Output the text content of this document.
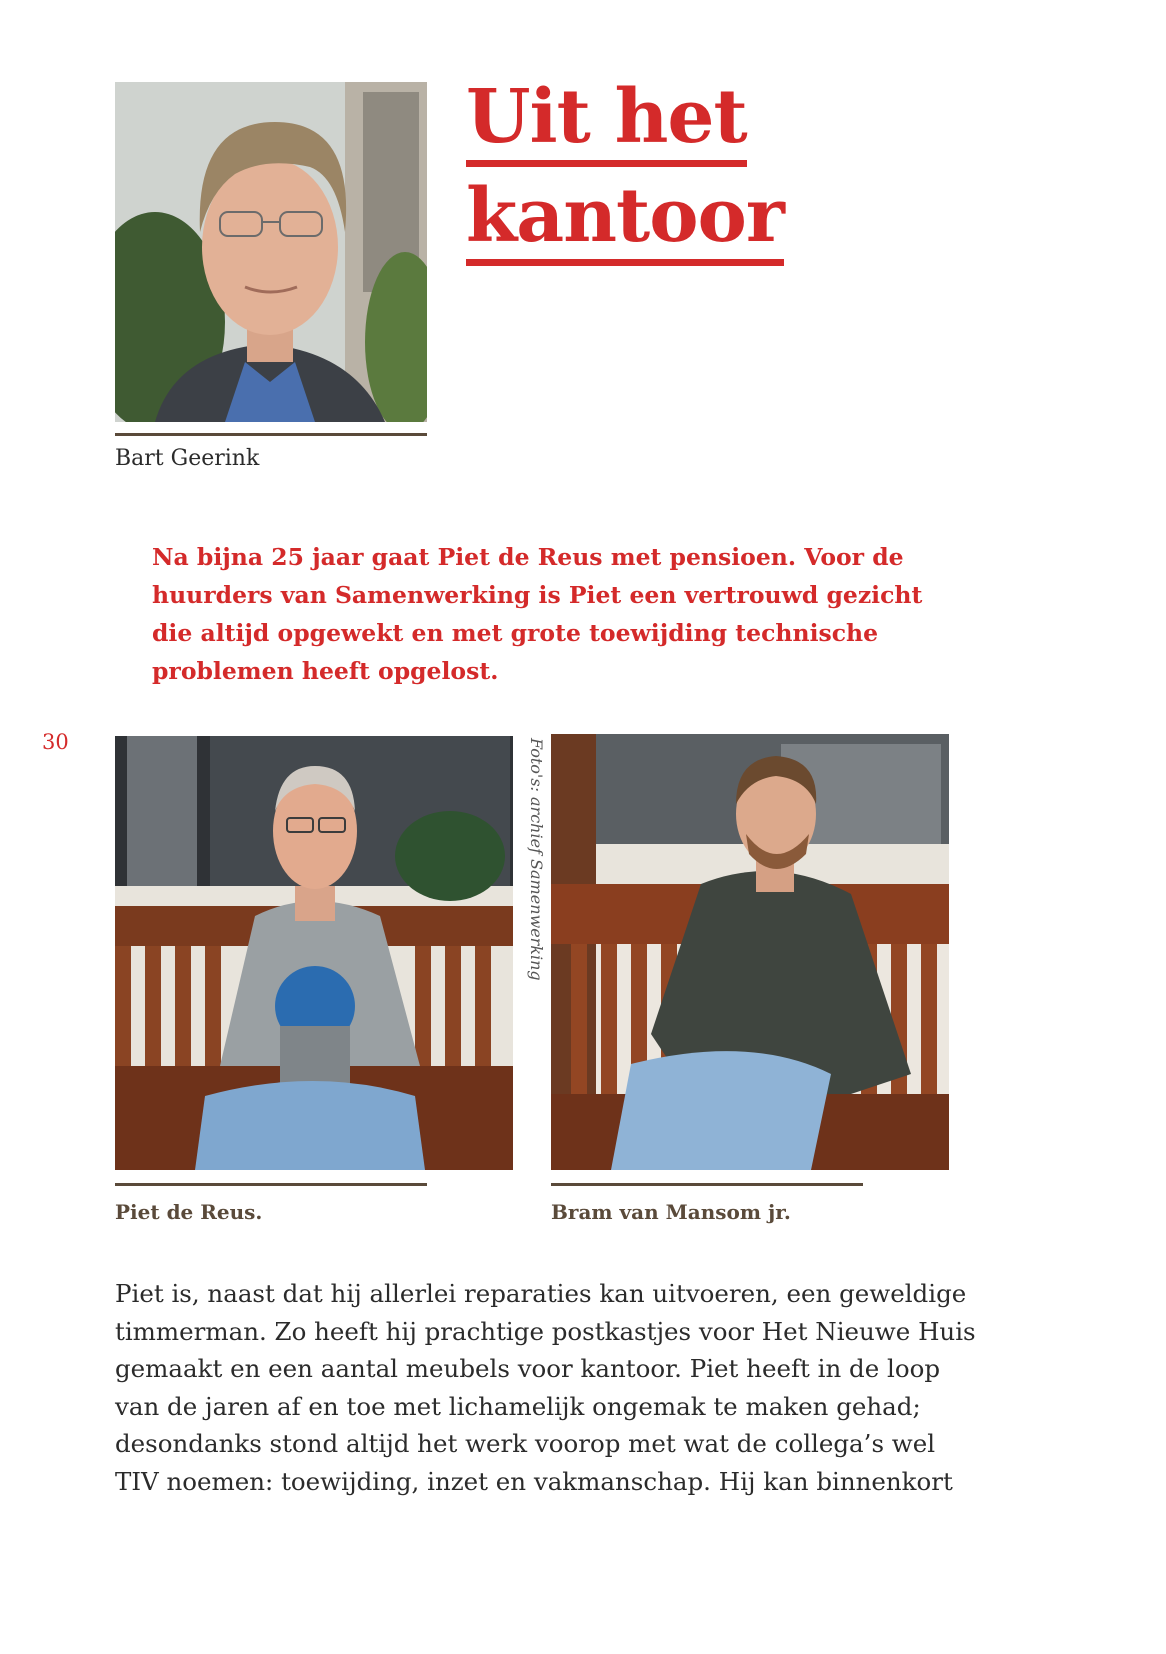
Bart Geerink
Uit het
kantoor
Na bijna 25 jaar gaat Piet de Reus met pensioen. Voor de huurders van Samenwerking is Piet een vertrouwd gezicht die altijd opgewekt en met grote toewijding technische problemen heeft opgelost.
30	Foto's: archief Samenwerking
Piet de Reus.	Bram van Mansom jr.
Piet is, naast dat hij allerlei reparaties kan uitvoeren, een geweldige
timmerman. Zo heeft hij prachtige postkastjes voor Het Nieuwe Huis
gemaakt en een aantal meubels voor kantoor. Piet heeft in de loop
van de jaren af en toe met lichamelijk ongemak te maken gehad;
desondanks stond altijd het werk voorop met wat de collega’s wel
TIV noemen: toewijding, inzet en vakmanschap. Hij kan binnenkort
